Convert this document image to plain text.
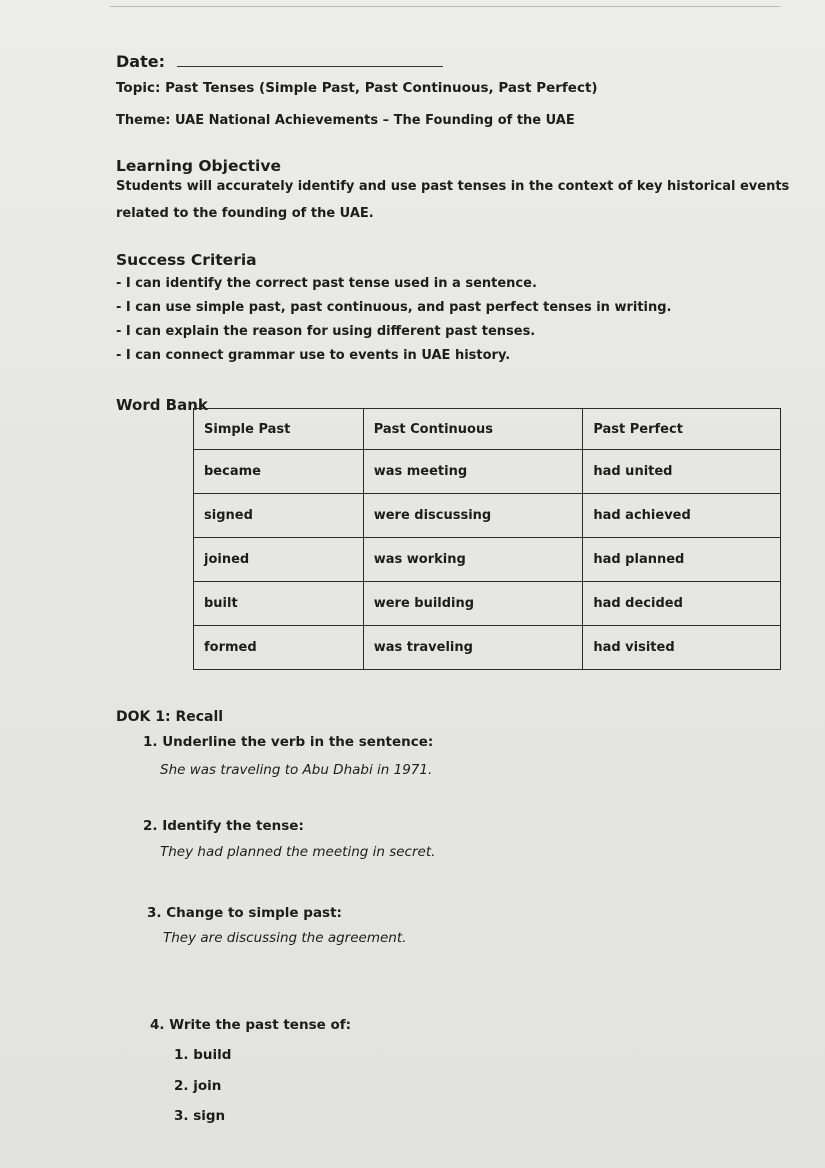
Date:
Topic: Past Tenses (Simple Past, Past Continuous, Past Perfect)
Theme: UAE National Achievements – The Founding of the UAE
Learning Objective
Students will accurately identify and use past tenses in the context of key historical events
related to the founding of the UAE.
Success Criteria
- I can identify the correct past tense used in a sentence.
- I can use simple past, past continuous, and past perfect tenses in writing.
- I can explain the reason for using different past tenses.
- I can connect grammar use to events in UAE history.
Word Bank
Simple Past	Past Continuous	Past Perfect
became	was meeting	had united
signed	were discussing	had achieved
joined	was working	had planned
built	were building	had decided
formed	was traveling	had visited
DOK 1: Recall
1. Underline the verb in the sentence:
She was traveling to Abu Dhabi in 1971.
2. Identify the tense:
They had planned the meeting in secret.
3. Change to simple past:
They are discussing the agreement.
4. Write the past tense of:
1. build
2. join
3. sign
